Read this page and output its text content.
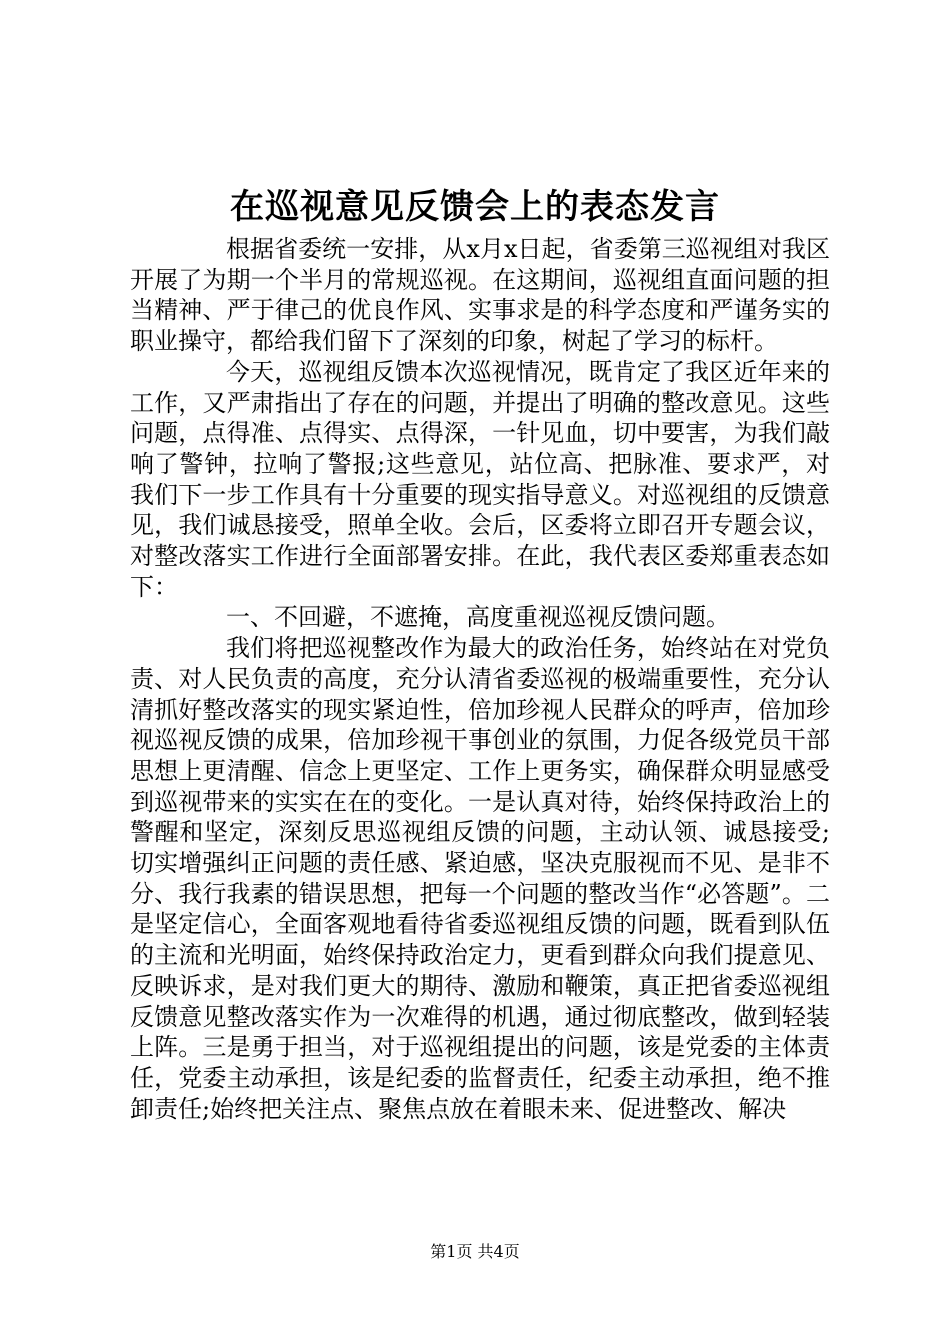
在巡视意见反馈会上的表态发言

根据省委统一安排，从x月x日起，省委第三巡视组对我区开展了为期一个半月的常规巡视。在这期间，巡视组直面问题的担当精神、严于律己的优良作风、实事求是的科学态度和严谨务实的职业操守，都给我们留下了深刻的印象，树起了学习的标杆。

今天，巡视组反馈本次巡视情况，既肯定了我区近年来的工作，又严肃指出了存在的问题，并提出了明确的整改意见。这些问题，点得准、点得实、点得深，一针见血，切中要害，为我们敲响了警钟，拉响了警报;这些意见，站位高、把脉准、要求严，对我们下一步工作具有十分重要的现实指导意义。对巡视组的反馈意见，我们诚恳接受，照单全收。会后，区委将立即召开专题会议，对整改落实工作进行全面部署安排。在此，我代表区委郑重表态如下：

一、不回避，不遮掩，高度重视巡视反馈问题。

我们将把巡视整改作为最大的政治任务，始终站在对党负责、对人民负责的高度，充分认清省委巡视的极端重要性，充分认清抓好整改落实的现实紧迫性，倍加珍视人民群众的呼声，倍加珍视巡视反馈的成果，倍加珍视干事创业的氛围，力促各级党员干部思想上更清醒、信念上更坚定、工作上更务实，确保群众明显感受到巡视带来的实实在在的变化。一是认真对待，始终保持政治上的警醒和坚定，深刻反思巡视组反馈的问题，主动认领、诚恳接受;切实增强纠正问题的责任感、紧迫感，坚决克服视而不见、是非不分、我行我素的错误思想，把每一个问题的整改当作“必答题”。二是坚定信心，全面客观地看待省委巡视组反馈的问题，既看到队伍的主流和光明面，始终保持政治定力，更看到群众向我们提意见、反映诉求，是对我们更大的期待、激励和鞭策，真正把省委巡视组反馈意见整改落实作为一次难得的机遇，通过彻底整改，做到轻装上阵。三是勇于担当，对于巡视组提出的问题，该是党委的主体责任，党委主动承担，该是纪委的监督责任，纪委主动承担，绝不推卸责任;始终把关注点、聚焦点放在着眼未来、促进整改、解决

第1页 共4页
